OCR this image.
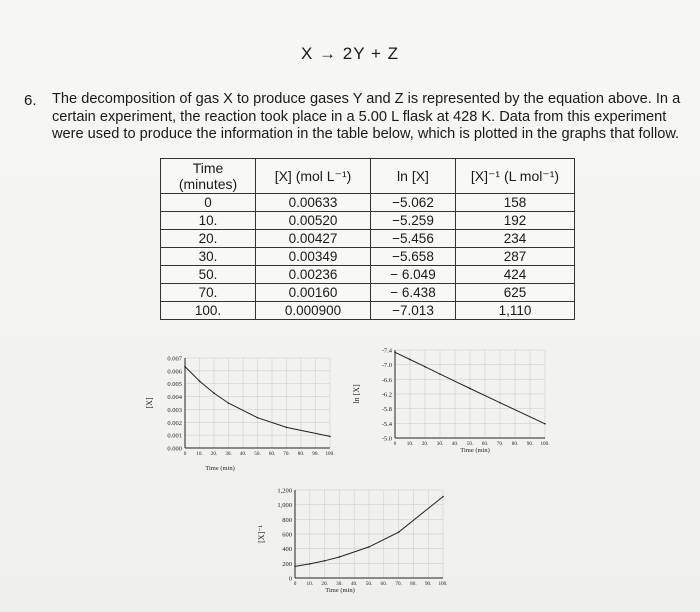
X → 2Y + Z
6. The decomposition of gas X to produce gases Y and Z is represented by the equation above. In a certain experiment, the reaction took place in a 5.00 L flask at 428 K. Data from this experiment were used to produce the information in the table below, which is plotted in the graphs that follow.
Time (minutes)	[X] (mol L⁻¹)	ln [X]	[X]⁻¹ (L mol⁻¹)
0	0.00633	−5.062	158
10.	0.00520	−5.259	192
20.	0.00427	−5.456	234
30.	0.00349	−5.658	287
50.	0.00236	− 6.049	424
70.	0.00160	− 6.438	625
100.	0.000900	−7.013	1,110
0.000
0.001
0.002
0.003
0.004
0.005
0.006
0.007
0 10. 20. 30. 40. 50. 60. 70. 80. 90. 100.
Time (min)
[X]
-5.0
-5.4
-5.8
-6.2
-6.6
-7.0
-7.4
0 10. 20. 30. 40. 50. 60. 70. 80. 90. 100.
Time (min)
ln [X]
0
200
400
600
800
1,000
1,200
0 10. 20. 30. 40. 50. 60. 70. 80. 90. 100.
Time (min)
[X]⁻¹
